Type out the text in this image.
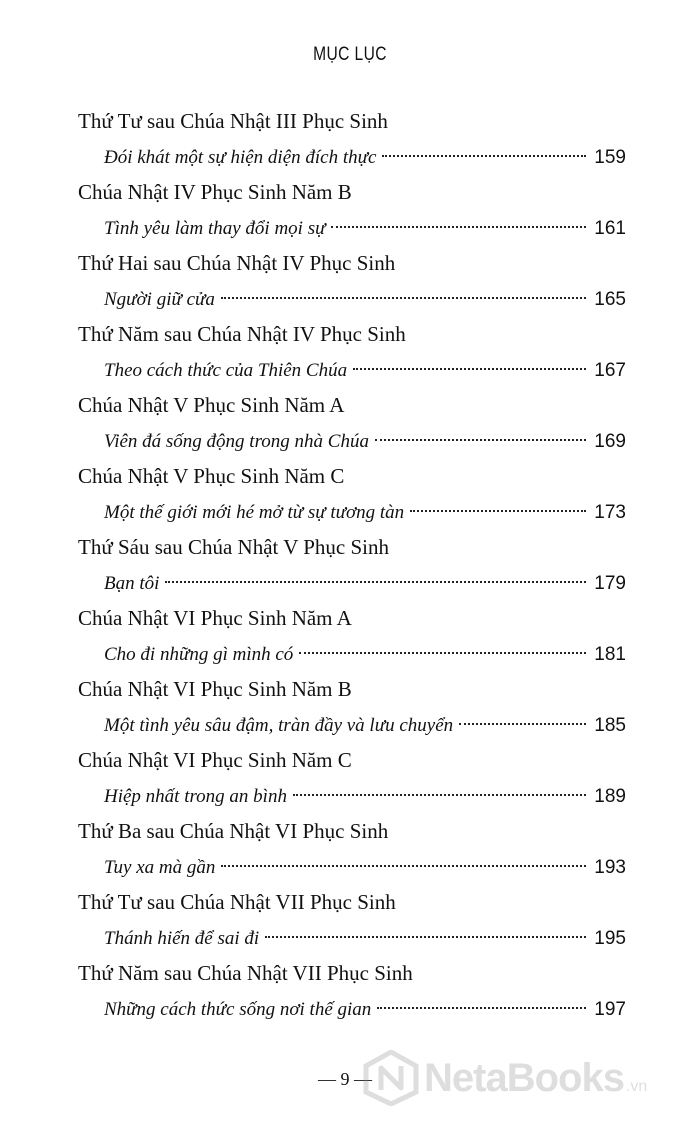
MỤC LỤC
Thứ Tư sau Chúa Nhật III Phục Sinh
Đói khát một sự hiện diện đích thực	159
Chúa Nhật IV Phục Sinh Năm B
Tình yêu làm thay đổi mọi sự	161
Thứ Hai sau Chúa Nhật IV Phục Sinh
Người giữ cửa	165
Thứ Năm sau Chúa Nhật IV Phục Sinh
Theo cách thức của Thiên Chúa	167
Chúa Nhật V Phục Sinh Năm A
Viên đá sống động trong nhà Chúa	169
Chúa Nhật V Phục Sinh Năm C
Một thế giới mới hé mở từ sự tương tàn	173
Thứ Sáu sau Chúa Nhật V Phục Sinh
Bạn tôi	179
Chúa Nhật VI Phục Sinh Năm A
Cho đi những gì mình có	181
Chúa Nhật VI Phục Sinh Năm B
Một tình yêu sâu đậm, tràn đầy và lưu chuyển	185
Chúa Nhật VI Phục Sinh Năm C
Hiệp nhất trong an bình	189
Thứ Ba sau Chúa Nhật VI Phục Sinh
Tuy xa mà gần	193
Thứ Tư sau Chúa Nhật VII Phục Sinh
Thánh hiến để sai đi	195
Thứ Năm sau Chúa Nhật VII Phục Sinh
Những cách thức sống nơi thế gian	197
— 9 — NetaBooks .vn
